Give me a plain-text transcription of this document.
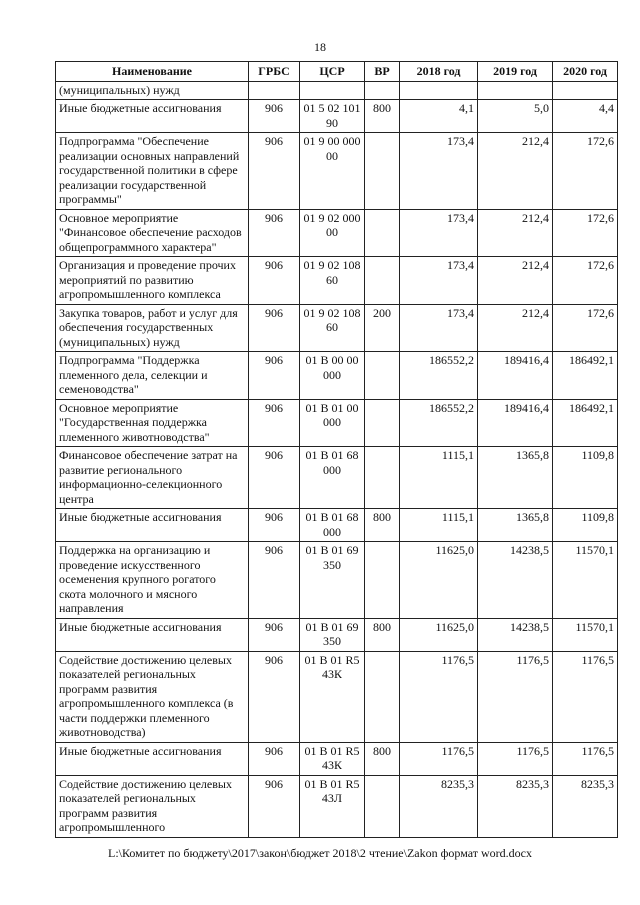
18
Наименование	ГРБС	ЦСР	ВР	2018 год	2019 год	2020 год
(муниципальных) нужд						
Иные бюджетные ассигнования	906	01 5 02 10190	800	4,1	5,0	4,4
Подпрограмма "Обеспечение реализации основных направлений государственной политики в сфере реализации государственной программы"	906	01 9 00 00000		173,4	212,4	172,6
Основное мероприятие "Финансовое обеспечение расходов общепрограммного характера"	906	01 9 02 00000		173,4	212,4	172,6
Организация и проведение прочих мероприятий по развитию агропромышленного комплекса	906	01 9 02 10860		173,4	212,4	172,6
Закупка товаров, работ и услуг для обеспечения государственных (муниципальных) нужд	906	01 9 02 10860	200	173,4	212,4	172,6
Подпрограмма "Поддержка племенного дела, селекции и семеноводства"	906	01 В 00 00000		186552,2	189416,4	186492,1
Основное мероприятие "Государственная поддержка племенного животноводства"	906	01 В 01 00000		186552,2	189416,4	186492,1
Финансовое обеспечение затрат на развитие регионального информационно-селекционного центра	906	01 В 01 68000		1115,1	1365,8	1109,8
Иные бюджетные ассигнования	906	01 В 01 68000	800	1115,1	1365,8	1109,8
Поддержка на организацию и проведение искусственного осеменения крупного рогатого скота молочного и мясного направления	906	01 В 01 69350		11625,0	14238,5	11570,1
Иные бюджетные ассигнования	906	01 В 01 69350	800	11625,0	14238,5	11570,1
Содействие достижению целевых показателей региональных программ развития агропромышленного комплекса (в части поддержки племенного животноводства)	906	01 В 01 R543К		1176,5	1176,5	1176,5
Иные бюджетные ассигнования	906	01 В 01 R543К	800	1176,5	1176,5	1176,5
Содействие достижению целевых показателей региональных программ развития агропромышленного	906	01 В 01 R543Л		8235,3	8235,3	8235,3
L:\Комитет по бюджету\2017\закон\бюджет 2018\2 чтение\Zakon формат word.docx
